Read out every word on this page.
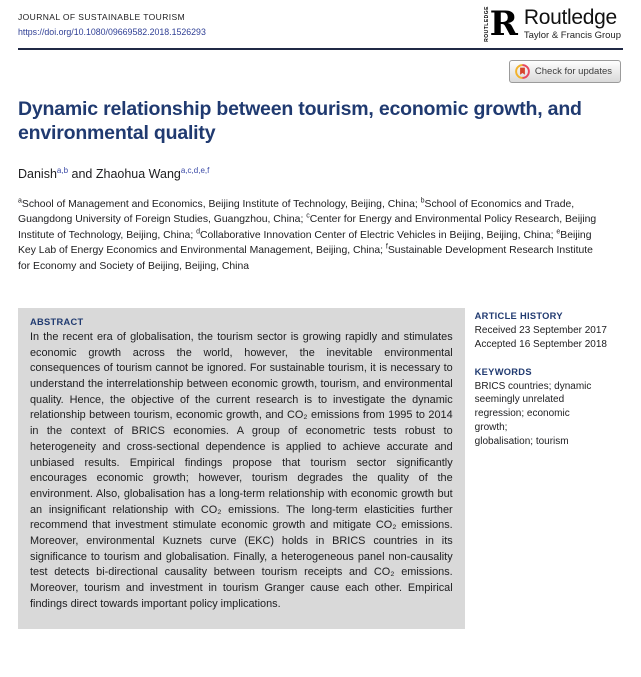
JOURNAL OF SUSTAINABLE TOURISM
https://doi.org/10.1080/09669582.2018.1526293	ROUTLEDGE R Routledge
Taylor & Francis Group
Check for updates
Dynamic relationship between tourism, economic growth, and environmental quality
Danish$^{a,b}$ and Zhaohua Wang$^{a,c,d,e,f}$

$^a$School of Management and Economics, Beijing Institute of Technology, Beijing, China; $^b$School of Economics and Trade, Guangdong University of Foreign Studies, Guangzhou, China; $^c$Center for Energy and Environmental Policy Research, Beijing Institute of Technology, Beijing, China; $^d$Collaborative Innovation Center of Electric Vehicles in Beijing, Beijing, China; $^e$Beijing Key Lab of Energy Economics and Environmental Management, Beijing, China; $^f$Sustainable Development Research Institute for Economy and Society of Beijing, Beijing, China

ABSTRACT
In the recent era of globalisation, the tourism sector is growing rapidly and stimulates economic growth across the world, however, the inevitable environmental consequences of tourism cannot be ignored. For sustainable tourism, it is necessary to understand the interrelationship between economic growth, tourism, and environmental quality. Hence, the objective of the current research is to investigate the dynamic relationship between tourism, economic growth, and CO₂ emissions from 1995 to 2014 in the context of BRICS economies. A group of econometric tests robust to heterogeneity and cross-sectional dependence is applied to achieve accurate and unbiased results. Empirical findings propose that tourism sector significantly encourages economic growth; however, tourism degrades the quality of the environment. Also, globalisation has a long-term relationship with economic growth but an insignificant relationship with CO₂ emissions. The long-term elasticities further recommend that investment stimulate economic growth and mitigate CO₂ emissions. Moreover, environmental Kuznets curve (EKC) holds in BRICS countries in its significance to tourism and globalisation. Finally, a heterogeneous panel non-causality test detects bi-directional causality between tourism receipts and CO₂ emissions. Moreover, tourism and investment in tourism Granger cause each other. Empirical findings direct towards important policy implications.
ARTICLE HISTORY
Received 23 September 2017
Accepted 16 September 2018
KEYWORDS
BRICS countries; dynamic
seemingly unrelated
regression; economic
growth;
globalisation; tourism
